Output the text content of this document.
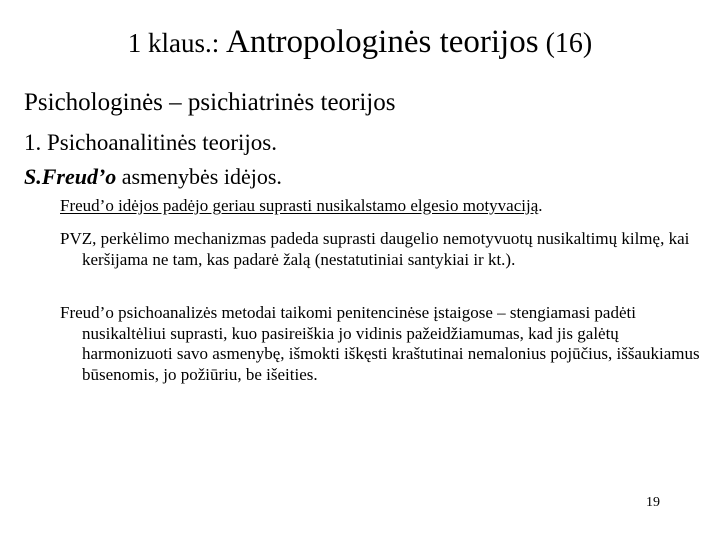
1 klaus.: Antropologinės teorijos (16)
Psichologinės – psichiatrinės teorijos
1. Psichoanalitinės teorijos.
S.Freud’o asmenybės idėjos.
Freud’o idėjos padėjo geriau suprasti nusikalstamo elgesio motyvaciją.
PVZ, perkėlimo mechanizmas padeda suprasti daugelio nemotyvuotų nusikaltimų kilmę, kai keršijama ne tam, kas padarė žalą (nestatutiniai santykiai ir kt.).
Freud’o psichoanalizės metodai taikomi penitencinėse įstaigose – stengiamasi padėti nusikaltėliui suprasti, kuo pasireiškia jo vidinis pažeidžiamumas, kad jis galėtų harmonizuoti savo asmenybę, išmokti iškęsti kraštutinai nemalonius pojūčius, iššaukiamus būsenomis, jo požiūriu, be išeities.
19
